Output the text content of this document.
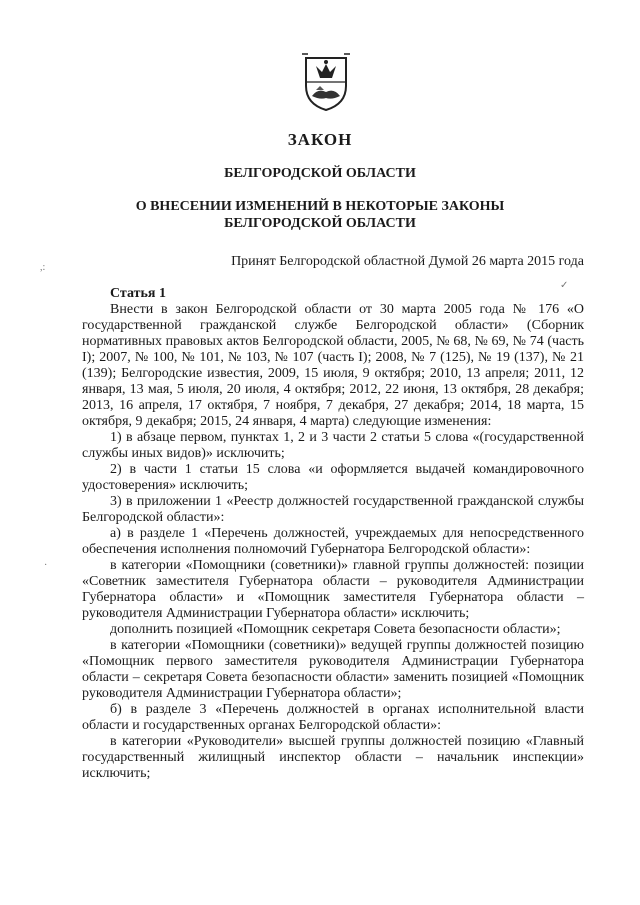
ЗАКОН
БЕЛГОРОДСКОЙ ОБЛАСТИ
О ВНЕСЕНИИ ИЗМЕНЕНИЙ В НЕКОТОРЫЕ ЗАКОНЫ
БЕЛГОРОДСКОЙ ОБЛАСТИ
Принят Белгородской областной Думой 26 марта 2015 года
Статья 1

Внести в закон Белгородской области от 30 марта 2005 года № 176 «О государственной гражданской службе Белгородской области» (Сборник нормативных правовых актов Белгородской области, 2005, № 68, № 69, № 74 (часть I); 2007, № 100, № 101, № 103, № 107 (часть I); 2008, № 7 (125), № 19 (137), № 21 (139); Белгородские известия, 2009, 15 июля, 9 октября; 2010, 13 апреля; 2011, 12 января, 13 мая, 5 июля, 20 июля, 4 октября; 2012, 22 июня, 13 октября, 28 декабря; 2013, 16 апреля, 17 октября, 7 ноября, 7 декабря, 27 декабря; 2014, 18 марта, 15 октября, 9 декабря; 2015, 24 января, 4 марта) следующие изменения:

1) в абзаце первом, пунктах 1, 2 и 3 части 2 статьи 5 слова «(государственной службы иных видов)» исключить;

2) в части 1 статьи 15 слова «и оформляется выдачей командировочного удостоверения» исключить;

3) в приложении 1 «Реестр должностей государственной гражданской службы Белгородской области»:

а) в разделе 1 «Перечень должностей, учреждаемых для непосредственного обеспечения исполнения полномочий Губернатора Белгородской области»:

в категории «Помощники (советники)» главной группы должностей: позиции «Советник заместителя Губернатора области – руководителя Администрации Губернатора области» и «Помощник заместителя Губернатора области – руководителя Администрации Губернатора области» исключить;

дополнить позицией «Помощник секретаря Совета безопасности области»;

в категории «Помощники (советники)» ведущей группы должностей позицию «Помощник первого заместителя руководителя Администрации Губернатора области – секретаря Совета безопасности области» заменить позицией «Помощник руководителя Администрации Губернатора области»;

б) в разделе 3 «Перечень должностей в органах исполнительной власти области и государственных органах Белгородской области»:

в категории «Руководители» высшей группы должностей позицию «Главный государственный жилищный инспектор области – начальник инспекции» исключить;

,:
·
✓
